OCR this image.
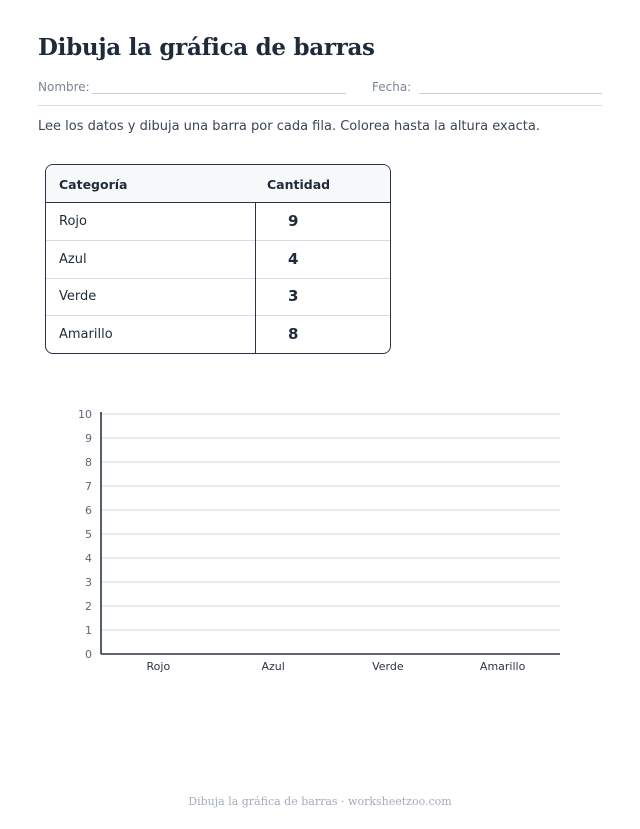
Dibuja la gráfica de barras
Nombre:	Fecha:
Lee los datos y dibuja una barra por cada fila. Colorea hasta la altura exacta.
Categoría	Cantidad
Rojo	9
Azul	4
Verde	3
Amarillo	8
0
1
2
3
4
5
6
7
8
9
10
Rojo	Azul	Verde	Amarillo
Dibuja la gráfica de barras · worksheetzoo.com
